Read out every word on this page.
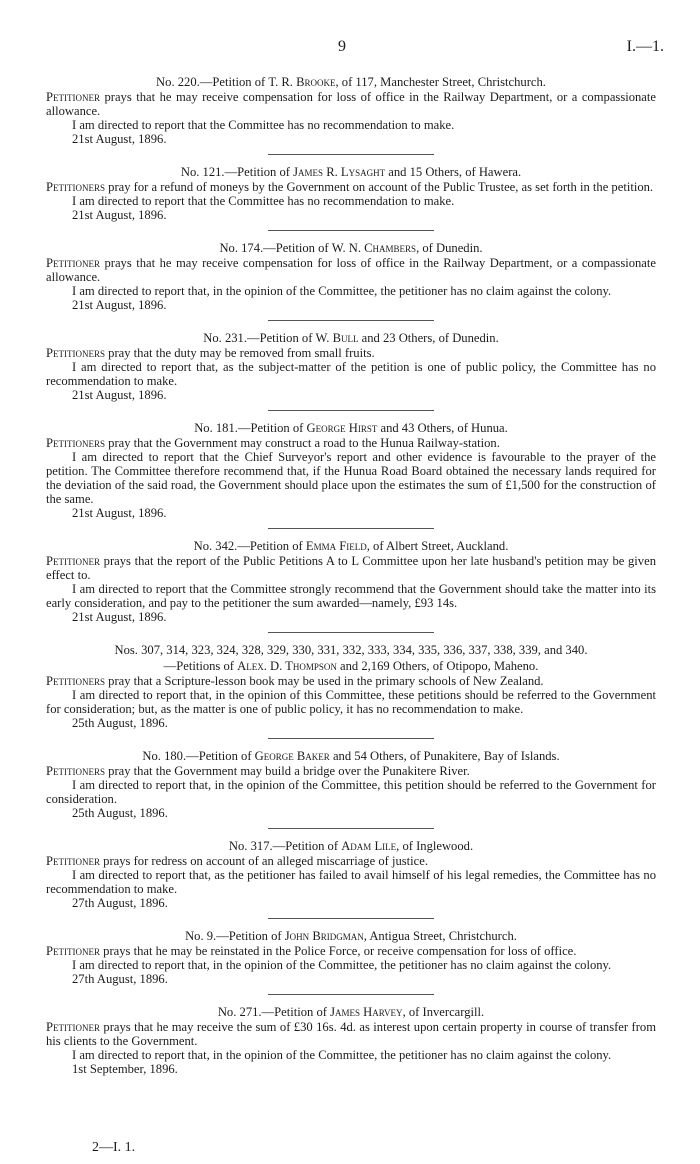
9	I.—1.

No. 220.—Petition of T. R. Brooke, of 117, Manchester Street, Christchurch.

Petitioner prays that he may receive compensation for loss of office in the Railway Department, or a compassionate allowance.

I am directed to report that the Committee has no recommendation to make.

21st August, 1896.

No. 121.—Petition of James R. Lysaght and 15 Others, of Hawera.

Petitioners pray for a refund of moneys by the Government on account of the Public Trustee, as set forth in the petition.

I am directed to report that the Committee has no recommendation to make.

21st August, 1896.

No. 174.—Petition of W. N. Chambers, of Dunedin.

Petitioner prays that he may receive compensation for loss of office in the Railway Department, or a compassionate allowance.

I am directed to report that, in the opinion of the Committee, the petitioner has no claim against the colony.

21st August, 1896.

No. 231.—Petition of W. Bull and 23 Others, of Dunedin.

Petitioners pray that the duty may be removed from small fruits.

I am directed to report that, as the subject-matter of the petition is one of public policy, the Committee has no recommendation to make.

21st August, 1896.

No. 181.—Petition of George Hirst and 43 Others, of Hunua.

Petitioners pray that the Government may construct a road to the Hunua Railway-station.

I am directed to report that the Chief Surveyor's report and other evidence is favourable to the prayer of the petition. The Committee therefore recommend that, if the Hunua Road Board obtained the necessary lands required for the deviation of the said road, the Government should place upon the estimates the sum of £1,500 for the construction of the same.

21st August, 1896.

No. 342.—Petition of Emma Field, of Albert Street, Auckland.

Petitioner prays that the report of the Public Petitions A to L Committee upon her late husband's petition may be given effect to.

I am directed to report that the Committee strongly recommend that the Government should take the matter into its early consideration, and pay to the petitioner the sum awarded—namely, £93 14s.

21st August, 1896.

Nos. 307, 314, 323, 324, 328, 329, 330, 331, 332, 333, 334, 335, 336, 337, 338, 339, and 340.

—Petitions of Alex. D. Thompson and 2,169 Others, of Otipopo, Maheno.

Petitioners pray that a Scripture-lesson book may be used in the primary schools of New Zealand.

I am directed to report that, in the opinion of this Committee, these petitions should be referred to the Government for consideration; but, as the matter is one of public policy, it has no recommendation to make.

25th August, 1896.

No. 180.—Petition of George Baker and 54 Others, of Punakitere, Bay of Islands.

Petitioners pray that the Government may build a bridge over the Punakitere River.

I am directed to report that, in the opinion of the Committee, this petition should be referred to the Government for consideration.

25th August, 1896.

No. 317.—Petition of Adam Lile, of Inglewood.

Petitioner prays for redress on account of an alleged miscarriage of justice.

I am directed to report that, as the petitioner has failed to avail himself of his legal remedies, the Committee has no recommendation to make.

27th August, 1896.

No. 9.—Petition of John Bridgman, Antigua Street, Christchurch.

Petitioner prays that he may be reinstated in the Police Force, or receive compensation for loss of office.

I am directed to report that, in the opinion of the Committee, the petitioner has no claim against the colony.

27th August, 1896.

No. 271.—Petition of James Harvey, of Invercargill.

Petitioner prays that he may receive the sum of £30 16s. 4d. as interest upon certain property in course of transfer from his clients to the Government.

I am directed to report that, in the opinion of the Committee, the petitioner has no claim against the colony.

1st September, 1896.

2—I. 1.
